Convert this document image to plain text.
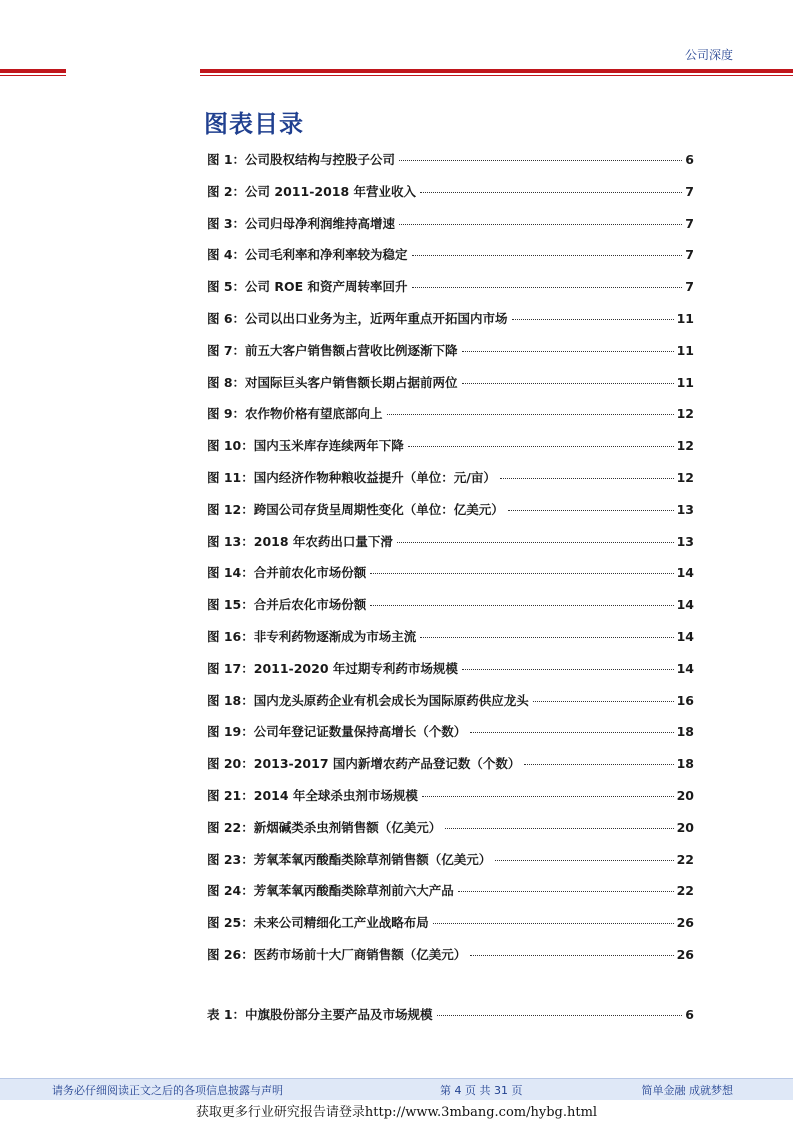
公司深度
图表目录
图 1：公司股权结构与控股子公司	6
图 2：公司 2011-2018 年营业收入	7
图 3：公司归母净利润维持高增速	7
图 4：公司毛利率和净利率较为稳定	7
图 5：公司 ROE 和资产周转率回升	7
图 6：公司以出口业务为主，近两年重点开拓国内市场	11
图 7：前五大客户销售额占营收比例逐渐下降	11
图 8：对国际巨头客户销售额长期占据前两位	11
图 9：农作物价格有望底部向上	12
图 10：国内玉米库存连续两年下降	12
图 11：国内经济作物种粮收益提升（单位：元/亩）	12
图 12：跨国公司存货呈周期性变化（单位：亿美元）	13
图 13：2018 年农药出口量下滑	13
图 14：合并前农化市场份额	14
图 15：合并后农化市场份额	14
图 16：非专利药物逐渐成为市场主流	14
图 17：2011-2020 年过期专利药市场规模	14
图 18：国内龙头原药企业有机会成长为国际原药供应龙头	16
图 19：公司年登记证数量保持高增长（个数）	18
图 20：2013-2017 国内新增农药产品登记数（个数）	18
图 21：2014 年全球杀虫剂市场规模	20
图 22：新烟碱类杀虫剂销售额（亿美元）	20
图 23：芳氧苯氧丙酸酯类除草剂销售额（亿美元）	22
图 24：芳氧苯氧丙酸酯类除草剂前六大产品	22
图 25：未来公司精细化工产业战略布局	26
图 26：医药市场前十大厂商销售额（亿美元）	26
表 1：中旗股份部分主要产品及市场规模	6
请务必仔细阅读正文之后的各项信息披露与声明	第 4 页 共 31 页	简单金融 成就梦想
获取更多行业研究报告请登录http://www.3mbang.com/hybg.html
